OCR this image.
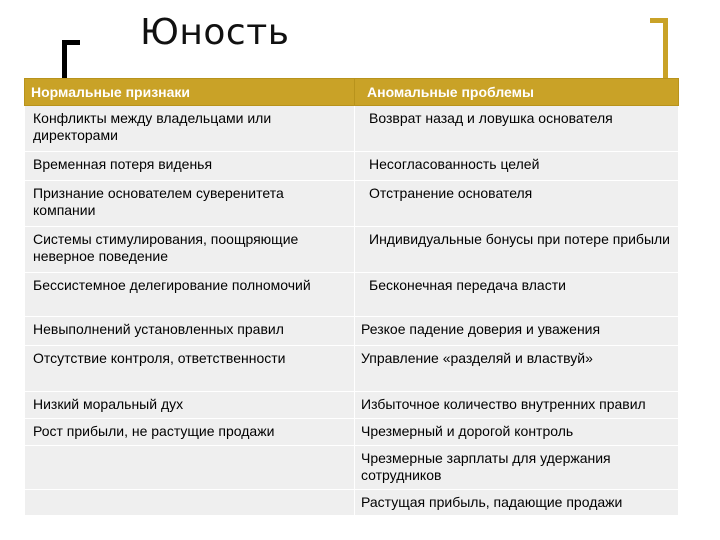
Юность
Нормальные признаки	Аномальные проблемы
Конфликты между владельцами или директорами	Возврат назад и ловушка основателя
Временная потеря виденья	Несогласованность целей
Признание основателем суверенитета компании	Отстранение основателя
Системы стимулирования, поощряющие неверное поведение	Индивидуальные бонусы при потере прибыли
Бессистемное делегирование полномочий	Бесконечная передача власти
Невыполнений установленных правил	Резкое падение доверия и уважения
Отсутствие контроля, ответственности	Управление «разделяй и властвуй»
Низкий моральный дух	Избыточное количество внутренних правил
Рост прибыли, не растущие продажи	Чрезмерный и дорогой контроль
	Чрезмерные зарплаты для удержания сотрудников
	Растущая прибыль, падающие продажи
